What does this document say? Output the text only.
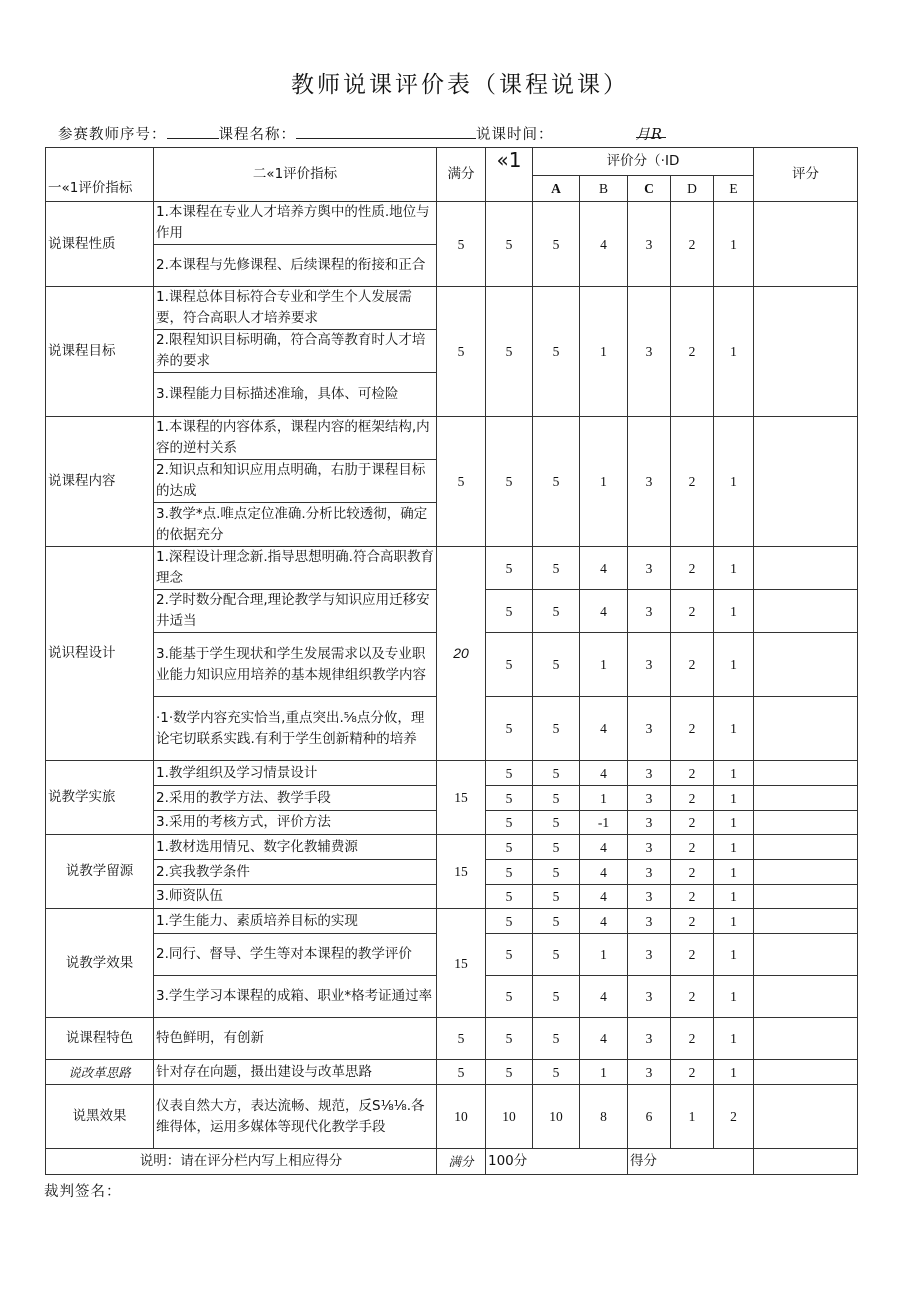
教师说课评价表（课程说课）
参赛教师序号：	课程名称：	说课时间：	月R
一«1评价指标	二«1评价指标	满分	«1	评价分（·ID					评分
				A	B	C	D	E	
说课程性质	1.本课程在专业人才培养方舆中的性质.地位与作用	5	5	5	4	3	2	1	
	2.本课程与先修课程、后续课程的衔接和正合								
说课程目标	1.课程总体目标符合专业和学生个人发展需要，符合高职人才培养要求	5	5	5	1	3	2	1	
	2.限程知识目标明确，符合高等教育时人才培养的要求								
	3.课程能力目标描述准瑜，具体、可检险								
说课程内容	1.本课程的内容体系，课程内容的框架结构,内容的逆村关系	5	5	5	1	3	2	1	
	2.知识点和知识应用点明确，右肋于课程目标的达成								
	3.教学*点.唯点定位准确.分析比较透彻，确定的依据充分								
说识程设计	1.深程设计理念新.指导思想明确.符合高职教育理念	20	5	5	4	3	2	1	
	2.学时数分配合理,理论教学与知识应用迁移安井适当		5	5	4	3	2	1	
	3.能基于学生现状和学生发展需求以及专业职业能力知识应用培养的基本规律组织教学内容		5	5	1	3	2	1	
	·1·数学内容充实恰当,重点突出.⅝点分攸，理论宅切联系实践.有利于学生创新精种的培养		5	5	4	3	2	1	
说教学实旅	1.教学组织及学习情景设计	15	5	5	4	3	2	1	
	2.采用的教学方法、教学手段		5	5	1	3	2	1	
	3.采用的考核方式，评价方法		5	5	-1	3	2	1	
说教学留源	1.教材选用情兄、数字化教辅费源	15	5	5	4	3	2	1	
	2.宾我教学条件		5	5	4	3	2	1	
	3.师资队伍		5	5	4	3	2	1	
说教学效果	1.学生能力、素质培养目标的实现	15	5	5	4	3	2	1	
	2.同行、督导、学生等对本课程的教学评价		5	5	1	3	2	1	
	3.学生学习本课程的成箱、职业*格考证通过率		5	5	4	3	2	1	
说课程特色	特色鲜明，有创新	5	5	5	4	3	2	1	
说改革思路	针对存在向题，摄出建设与改革思路	5	5	5	1	3	2	1	
说黑效果	仪表自然大方，表达流畅、规范，反S⅛⅛.各维得体，运用多媒体等现代化教学手段	10	10	10	8	6	1	2	
说明：请在评分栏内写上相应得分		满分	100分			得分			
裁判签名：
